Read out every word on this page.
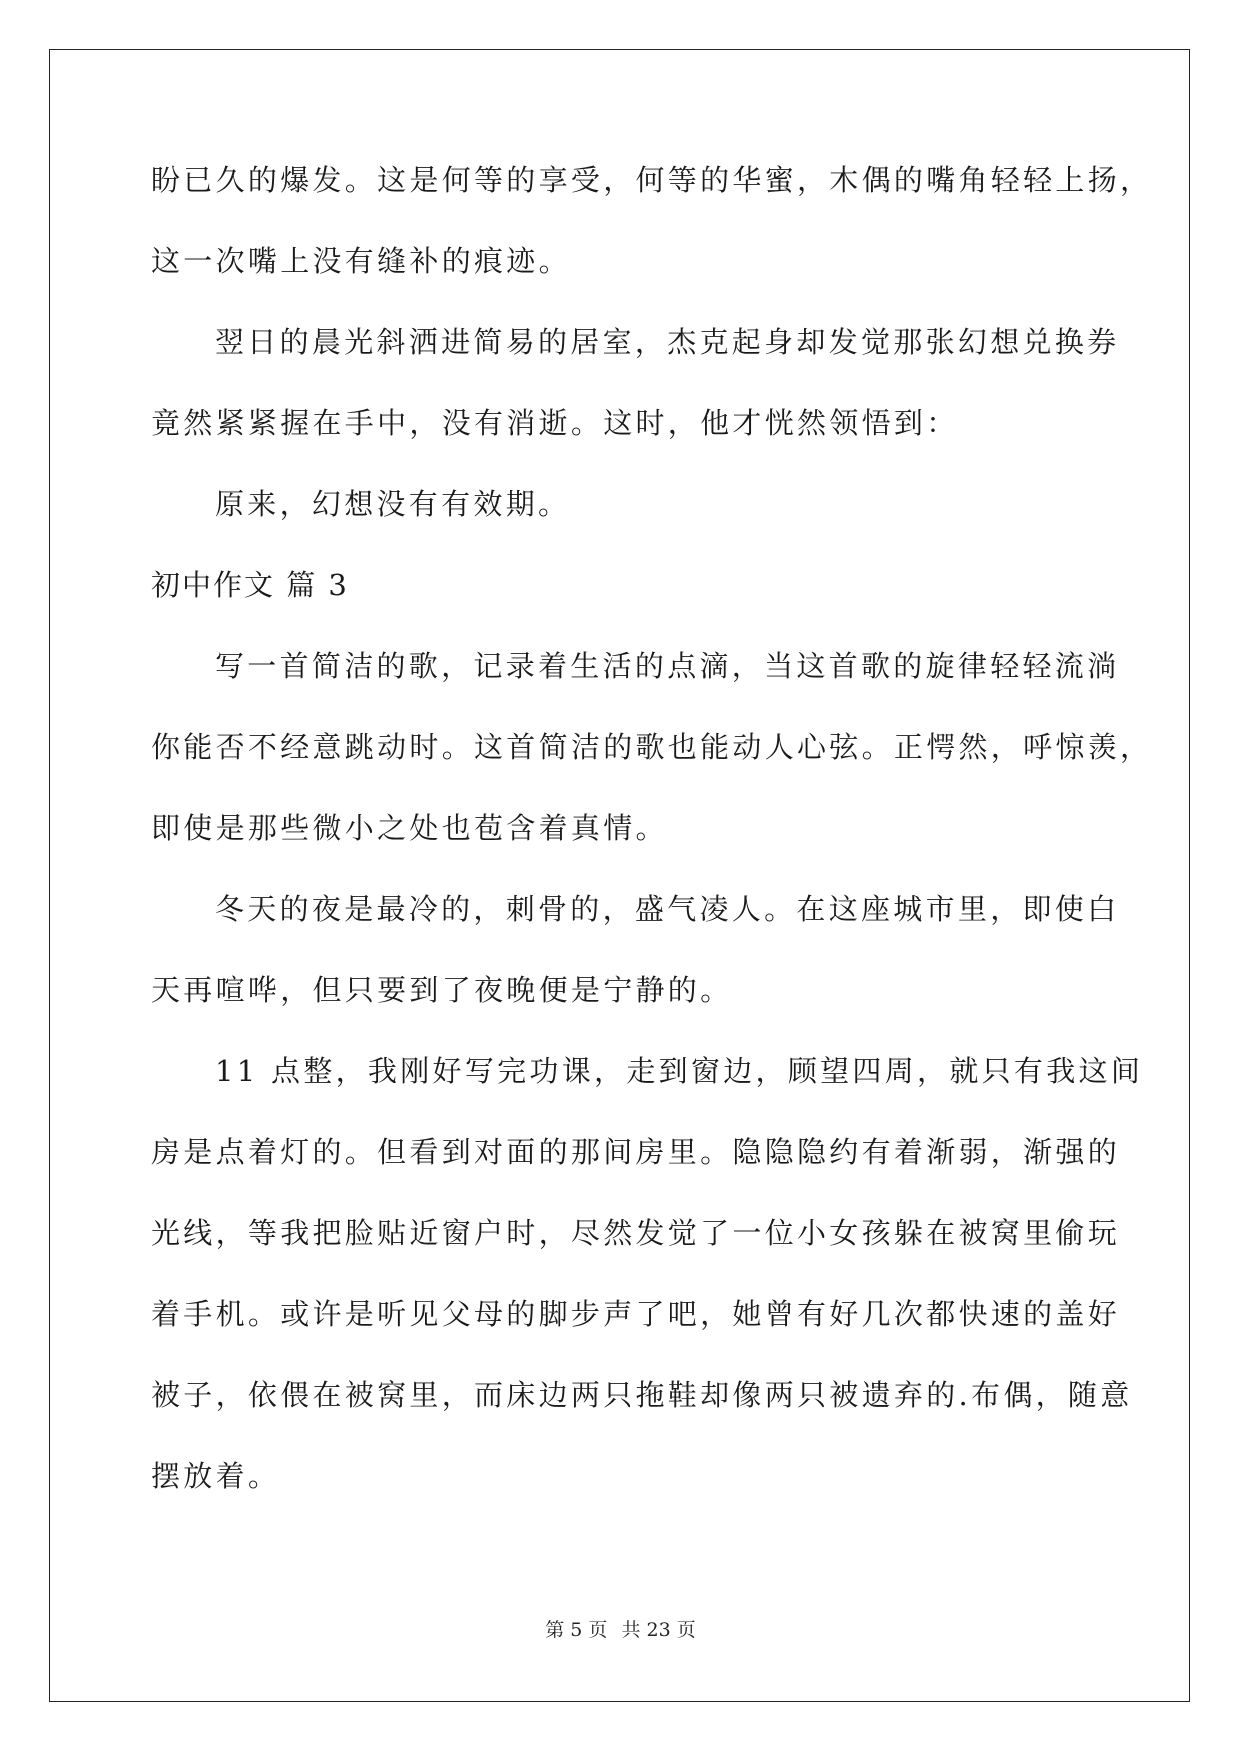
盼已久的爆发。这是何等的享受，何等的华蜜，木偶的嘴角轻轻上扬，
这一次嘴上没有缝补的痕迹。
翌日的晨光斜洒进简易的居室，杰克起身却发觉那张幻想兑换券
竟然紧紧握在手中，没有消逝。这时，他才恍然领悟到：
原来，幻想没有有效期。
初中作文 篇 3
写一首简洁的歌，记录着生活的点滴，当这首歌的旋律轻轻流淌
你能否不经意跳动时。这首简洁的歌也能动人心弦。正愕然，呼惊羡，
即使是那些微小之处也苞含着真情。
冬天的夜是最冷的，刺骨的，盛气凌人。在这座城市里，即使白
天再喧哗，但只要到了夜晚便是宁静的。
11 点整，我刚好写完功课，走到窗边，顾望四周，就只有我这间
房是点着灯的。但看到对面的那间房里。隐隐隐约有着渐弱，渐强的
光线，等我把脸贴近窗户时，尽然发觉了一位小女孩躲在被窝里偷玩
着手机。或许是听见父母的脚步声了吧，她曾有好几次都快速的盖好
被子，依偎在被窝里，而床边两只拖鞋却像两只被遗弃的.布偶，随意
摆放着。
第 5 页 共 23 页
